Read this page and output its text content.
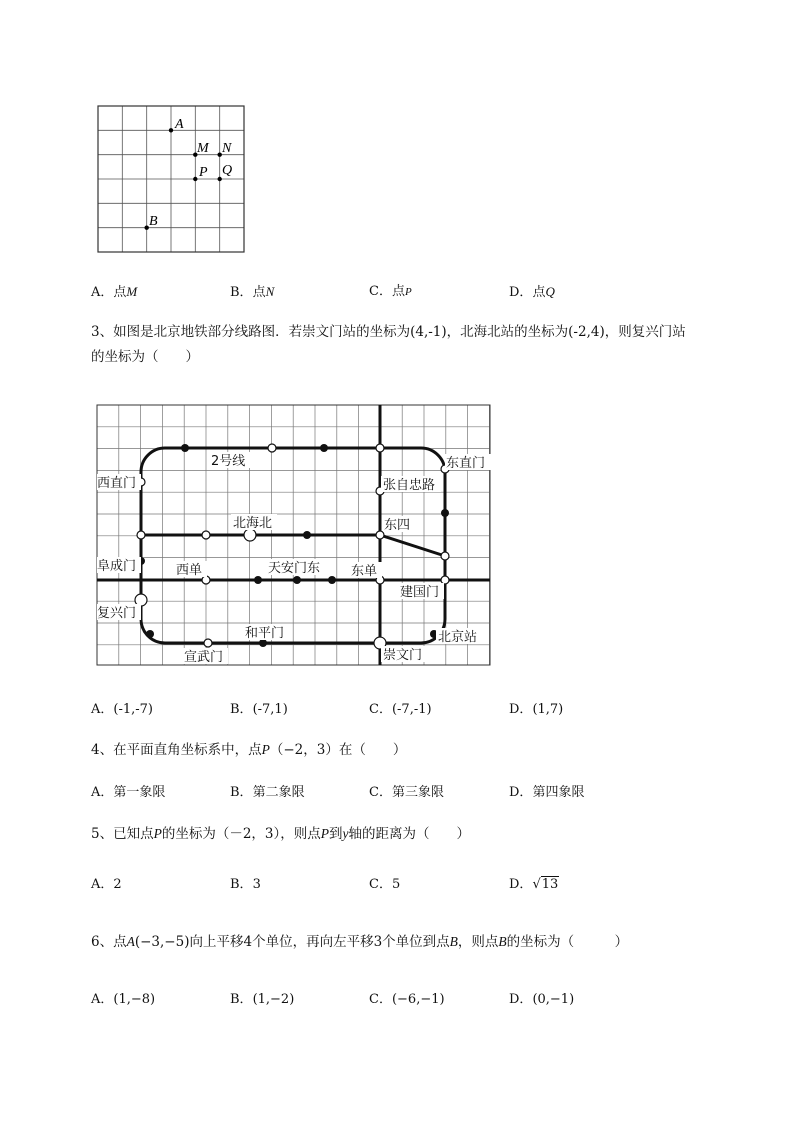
A
M N
P Q
B
A．点M	B．点N	C．点P	D．点Q
3、如图是北京地铁部分线路图．若崇文门站的坐标为(4,-1)，北海北站的坐标为(-2,4)，则复兴门站
的坐标为（　　）
2号线	东直门
西直门	张自忠路
北海北	东四
阜成门	西单	天安门东 东单
建国门
复兴门
和平门	北京站
宣武门	崇文门
A．(-1,-7)	B．(-7,1)	C．(-7,-1)	D．(1,7)
4、在平面直角坐标系中，点P（−2，3）在（　　）
A．第一象限	B．第二象限	C．第三象限	D．第四象限
5、已知点P的坐标为（－2，3），则点P到y轴的距离为（　　）
A．2	B．3	C．5	D．√13
6、点A(−3,−5)向上平移4个单位，再向左平移3个单位到点B，则点B的坐标为（　　　）
A．(1,−8)	B．(1,−2)	C．(−6,−1)	D．(0,−1)
